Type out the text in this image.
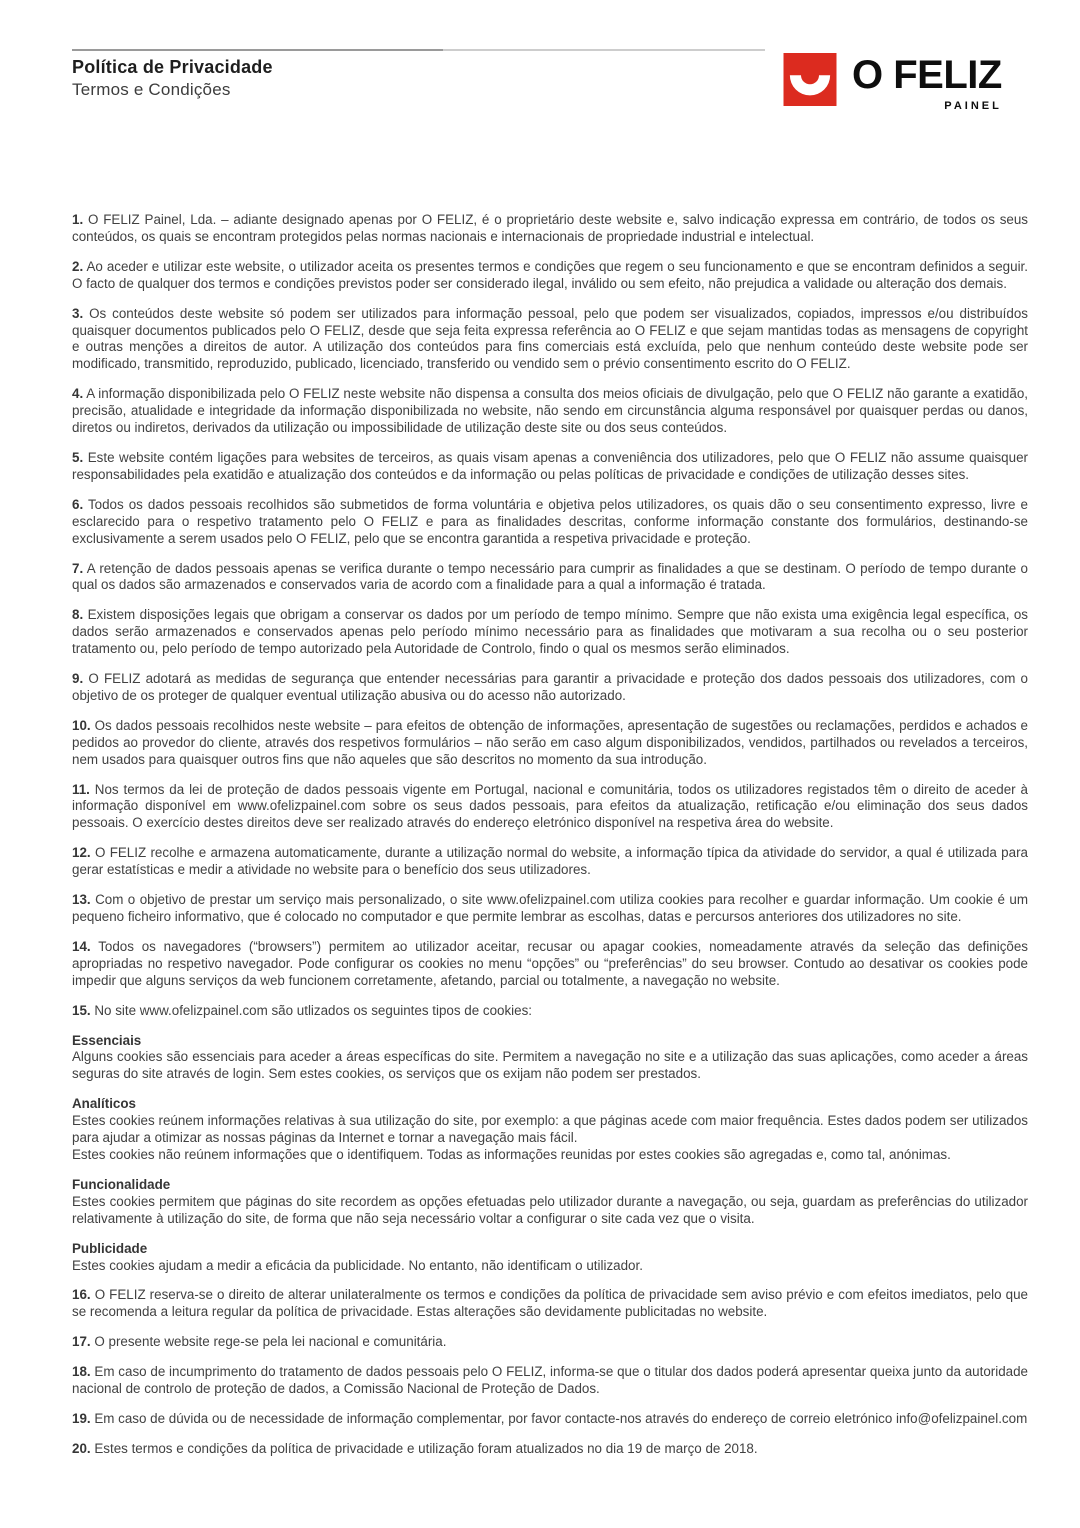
Política de Privacidade
Termos e Condições	O FELIZ
PAINEL

1. O FELIZ Painel, Lda. – adiante designado apenas por O FELIZ, é o proprietário deste website e, salvo indicação expressa em contrário, de todos os seus conteúdos, os quais se encontram protegidos pelas normas nacionais e internacionais de propriedade industrial e intelectual.

2. Ao aceder e utilizar este website, o utilizador aceita os presentes termos e condições que regem o seu funcionamento e que se encontram definidos a seguir. O facto de qualquer dos termos e condições previstos poder ser considerado ilegal, inválido ou sem efeito, não prejudica a validade ou alteração dos demais.

3. Os conteúdos deste website só podem ser utilizados para informação pessoal, pelo que podem ser visualizados, copiados, impressos e/ou distribuídos quaisquer documentos publicados pelo O FELIZ, desde que seja feita expressa referência ao O FELIZ e que sejam mantidas todas as mensagens de copyright e outras menções a direitos de autor. A utilização dos conteúdos para fins comerciais está excluída, pelo que nenhum conteúdo deste website pode ser modificado, transmitido, reproduzido, publicado, licenciado, transferido ou vendido sem o prévio consentimento escrito do O FELIZ.

4. A informação disponibilizada pelo O FELIZ neste website não dispensa a consulta dos meios oficiais de divulgação, pelo que O FELIZ não garante a exatidão, precisão, atualidade e integridade da informação disponibilizada no website, não sendo em circunstância alguma responsável por quaisquer perdas ou danos, diretos ou indiretos, derivados da utilização ou impossibilidade de utilização deste site ou dos seus conteúdos.

5. Este website contém ligações para websites de terceiros, as quais visam apenas a conveniência dos utilizadores, pelo que O FELIZ não assume quaisquer responsabilidades pela exatidão e atualização dos conteúdos e da informação ou pelas políticas de privacidade e condições de utilização desses sites.

6. Todos os dados pessoais recolhidos são submetidos de forma voluntária e objetiva pelos utilizadores, os quais dão o seu consentimento expresso, livre e esclarecido para o respetivo tratamento pelo O FELIZ e para as finalidades descritas, conforme informação constante dos formulários, destinando-se exclusivamente a serem usados pelo O FELIZ, pelo que se encontra garantida a respetiva privacidade e proteção.

7. A retenção de dados pessoais apenas se verifica durante o tempo necessário para cumprir as finalidades a que se destinam. O período de tempo durante o qual os dados são armazenados e conservados varia de acordo com a finalidade para a qual a informação é tratada.

8. Existem disposições legais que obrigam a conservar os dados por um período de tempo mínimo. Sempre que não exista uma exigência legal específica, os dados serão armazenados e conservados apenas pelo período mínimo necessário para as finalidades que motivaram a sua recolha ou o seu posterior tratamento ou, pelo período de tempo autorizado pela Autoridade de Controlo, findo o qual os mesmos serão eliminados.

9. O FELIZ adotará as medidas de segurança que entender necessárias para garantir a privacidade e proteção dos dados pessoais dos utilizadores, com o objetivo de os proteger de qualquer eventual utilização abusiva ou do acesso não autorizado.

10. Os dados pessoais recolhidos neste website – para efeitos de obtenção de informações, apresentação de sugestões ou reclamações, perdidos e achados e pedidos ao provedor do cliente, através dos respetivos formulários – não serão em caso algum disponibilizados, vendidos, partilhados ou revelados a terceiros, nem usados para quaisquer outros fins que não aqueles que são descritos no momento da sua introdução.

11. Nos termos da lei de proteção de dados pessoais vigente em Portugal, nacional e comunitária, todos os utilizadores registados têm o direito de aceder à informação disponível em www.ofelizpainel.com sobre os seus dados pessoais, para efeitos da atualização, retificação e/ou eliminação dos seus dados pessoais. O exercício destes direitos deve ser realizado através do endereço eletrónico disponível na respetiva área do website.

12. O FELIZ recolhe e armazena automaticamente, durante a utilização normal do website, a informação típica da atividade do servidor, a qual é utilizada para gerar estatísticas e medir a atividade no website para o benefício dos seus utilizadores.

13. Com o objetivo de prestar um serviço mais personalizado, o site www.ofelizpainel.com utiliza cookies para recolher e guardar informação. Um cookie é um pequeno ficheiro informativo, que é colocado no computador e que permite lembrar as escolhas, datas e percursos anteriores dos utilizadores no site.

14. Todos os navegadores (“browsers”) permitem ao utilizador aceitar, recusar ou apagar cookies, nomeadamente através da seleção das definições apropriadas no respetivo navegador. Pode configurar os cookies no menu “opções” ou “preferências” do seu browser. Contudo ao desativar os cookies pode impedir que alguns serviços da web funcionem corretamente, afetando, parcial ou totalmente, a navegação no website.

15. No site www.ofelizpainel.com são utlizados os seguintes tipos de cookies:

Essenciais
Alguns cookies são essenciais para aceder a áreas específicas do site. Permitem a navegação no site e a utilização das suas aplicações, como aceder a áreas seguras do site através de login. Sem estes cookies, os serviços que os exijam não podem ser prestados.
Analíticos
Estes cookies reúnem informações relativas à sua utilização do site, por exemplo: a que páginas acede com maior frequência. Estes dados podem ser utilizados para ajudar a otimizar as nossas páginas da Internet e tornar a navegação mais fácil.
Estes cookies não reúnem informações que o identifiquem. Todas as informações reunidas por estes cookies são agregadas e, como tal, anónimas.
Funcionalidade
Estes cookies permitem que páginas do site recordem as opções efetuadas pelo utilizador durante a navegação, ou seja, guardam as preferências do utilizador relativamente à utilização do site, de forma que não seja necessário voltar a configurar o site cada vez que o visita.
Publicidade
Estes cookies ajudam a medir a eficácia da publicidade. No entanto, não identificam o utilizador.

16. O FELIZ reserva-se o direito de alterar unilateralmente os termos e condições da política de privacidade sem aviso prévio e com efeitos imediatos, pelo que se recomenda a leitura regular da política de privacidade. Estas alterações são devidamente publicitadas no website.

17. O presente website rege-se pela lei nacional e comunitária.

18. Em caso de incumprimento do tratamento de dados pessoais pelo O FELIZ, informa-se que o titular dos dados poderá apresentar queixa junto da autoridade nacional de controlo de proteção de dados, a Comissão Nacional de Proteção de Dados.

19. Em caso de dúvida ou de necessidade de informação complementar, por favor contacte-nos através do endereço de correio eletrónico info@ofelizpainel.com

20. Estes termos e condições da política de privacidade e utilização foram atualizados no dia 19 de março de 2018.
